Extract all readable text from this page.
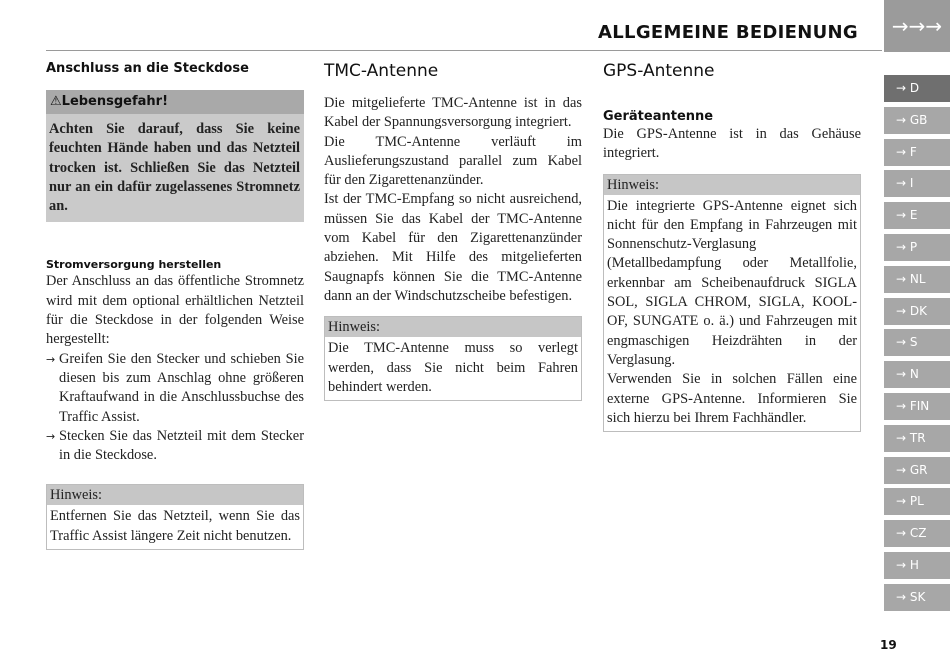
ALLGEMEINE BEDIENUNG	→→→
→ D
→ GB
→ F
→ I
→ E
→ P
→ NL
→ DK
→ S
→ N
→ FIN
→ TR
→ GR
→ PL
→ CZ
→ H
→ SK
Anschluss an die Steckdose
⚠Lebensgefahr!
Achten Sie darauf, dass Sie keine feuchten Hände haben und das Netzteil trocken ist. Schließen Sie das Netzteil nur an ein dafür zugelassenes Stromnetz an.
Stromversorgung herstellen

Der Anschluss an das öffentliche Stromnetz wird mit dem optional erhältlichen Netzteil für die Steckdose in der folgenden Weise hergestellt:

→ Greifen Sie den Stecker und schieben Sie diesen bis zum Anschlag ohne größeren Kraftaufwand in die Anschlussbuchse des Traffic Assist.
→ Stecken Sie das Netzteil mit dem Stecker in die Steckdose.
Hinweis:
Entfernen Sie das Netzteil, wenn Sie das Traffic Assist längere Zeit nicht benutzen.
TMC-Antenne

Die mitgelieferte TMC-Antenne ist in das Kabel der Spannungsversorgung integriert.

Die TMC-Antenne verläuft im Auslieferungszustand parallel zum Kabel für den Zigarettenanzünder.

Ist der TMC-Empfang so nicht ausreichend, müssen Sie das Kabel der TMC-Antenne vom Kabel für den Zigarettenanzünder abziehen. Mit Hilfe des mitgelieferten Saugnapfs können Sie die TMC-Antenne dann an der Windschutzscheibe befestigen.

Hinweis:
Die TMC-Antenne muss so verlegt werden, dass Sie nicht beim Fahren behindert werden.
GPS-Antenne
Geräteantenne

Die GPS-Antenne ist in das Gehäuse integriert.

Hinweis:
Die integrierte GPS-Antenne eignet sich nicht für den Empfang in Fahrzeugen mit Sonnenschutz-Verglasung (Metallbedampfung oder Metallfolie, erkennbar am Scheibenaufdruck SIGLA SOL, SIGLA CHROM, SIGLA, KOOL-OF, SUNGATE o. ä.) und Fahrzeugen mit engmaschigen Heizdrähten in der Verglasung.
Verwenden Sie in solchen Fällen eine externe GPS-Antenne. Informieren Sie sich hierzu bei Ihrem Fachhändler.
19
